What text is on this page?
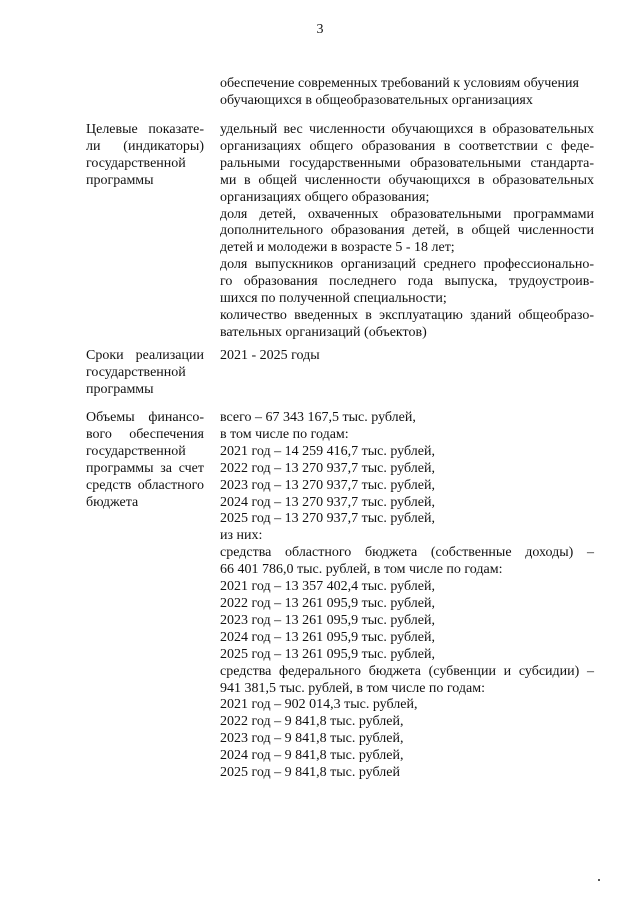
3
обеспечение современных требований к условиям обучения
обучающихся в общеобразовательных организациях
Целевые показате-
ли (индикаторы)
государственной
программы
удельный вес численности обучающихся в образовательных
организациях общего образования в соответствии с феде-
ральными государственными образовательными стандарта-
ми в общей численности обучающихся в образовательных
организациях общего образования;
доля детей, охваченных образовательными программами
дополнительного образования детей, в общей численности
детей и молодежи в возрасте 5 - 18 лет;
доля выпускников организаций среднего профессионально-
го образования последнего года выпуска, трудоустроив-
шихся по полученной специальности;
количество введенных в эксплуатацию зданий общеобразо-
вательных организаций (объектов)
Сроки реализации
государственной
программы
2021 - 2025 годы
Объемы финансо-
вого обеспечения
государственной
программы за счет
средств областного
бюджета
всего – 67 343 167,5 тыс. рублей,
в том числе по годам:
2021 год – 14 259 416,7 тыс. рублей,
2022 год – 13 270 937,7 тыс. рублей,
2023 год – 13 270 937,7 тыс. рублей,
2024 год – 13 270 937,7 тыс. рублей,
2025 год – 13 270 937,7 тыс. рублей,
из них:
средства областного бюджета (собственные доходы) –
66 401 786,0 тыс. рублей, в том числе по годам:
2021 год – 13 357 402,4 тыс. рублей,
2022 год – 13 261 095,9 тыс. рублей,
2023 год – 13 261 095,9 тыс. рублей,
2024 год – 13 261 095,9 тыс. рублей,
2025 год – 13 261 095,9 тыс. рублей,
средства федерального бюджета (субвенции и субсидии) –
941 381,5 тыс. рублей, в том числе по годам:
2021 год – 902 014,3 тыс. рублей,
2022 год – 9 841,8 тыс. рублей,
2023 год – 9 841,8 тыс. рублей,
2024 год – 9 841,8 тыс. рублей,
2025 год – 9 841,8 тыс. рублей
